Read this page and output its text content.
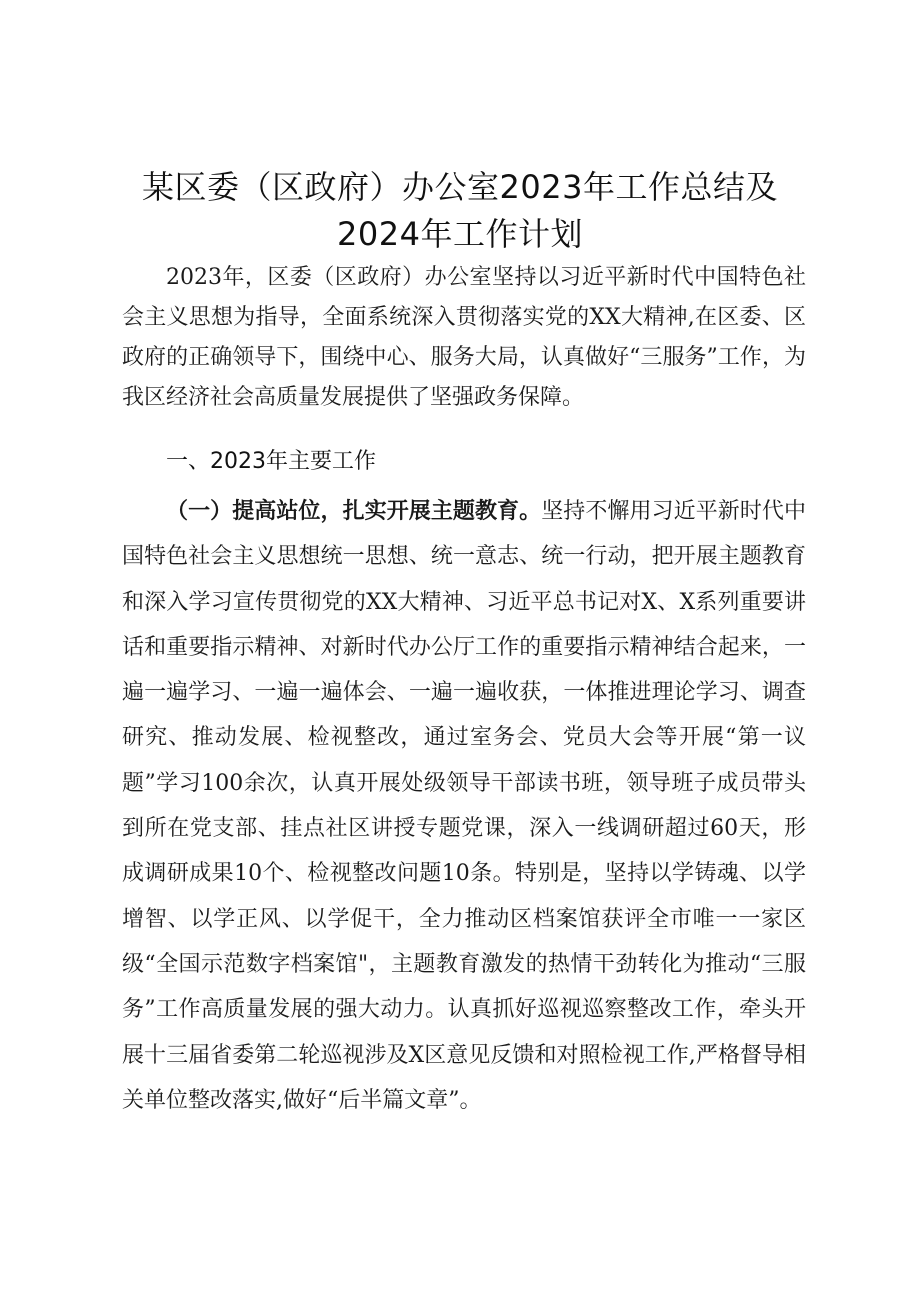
某区委（区政府）办公室2023年工作总结及
2024年工作计划

2023年，区委（区政府）办公室坚持以习近平新时代中国特色社会主义思想为指导，全面系统深入贯彻落实党的XX大精神,在区委、区政府的正确领导下，围绕中心、服务大局，认真做好“三服务”工作，为我区经济社会高质量发展提供了坚强政务保障。

一、2023年主要工作

（一）提高站位，扎实开展主题教育。坚持不懈用习近平新时代中国特色社会主义思想统一思想、统一意志、统一行动，把开展主题教育和深入学习宣传贯彻党的XX大精神、习近平总书记对X、X系列重要讲话和重要指示精神、对新时代办公厅工作的重要指示精神结合起来，一遍一遍学习、一遍一遍体会、一遍一遍收获，一体推进理论学习、调查研究、推动发展、检视整改，通过室务会、党员大会等开展“第一议题”学习100余次，认真开展处级领导干部读书班，领导班子成员带头到所在党支部、挂点社区讲授专题党课，深入一线调研超过60天，形成调研成果10个、检视整改问题10条。特别是，坚持以学铸魂、以学增智、以学正风、以学促干，全力推动区档案馆获评全市唯一一家区级“全国示范数字档案馆"，主题教育激发的热情干劲转化为推动“三服务”工作高质量发展的强大动力。认真抓好巡视巡察整改工作，牵头开展十三届省委第二轮巡视涉及X区意见反馈和对照检视工作,严格督导相关单位整改落实,做好“后半篇文章”。
